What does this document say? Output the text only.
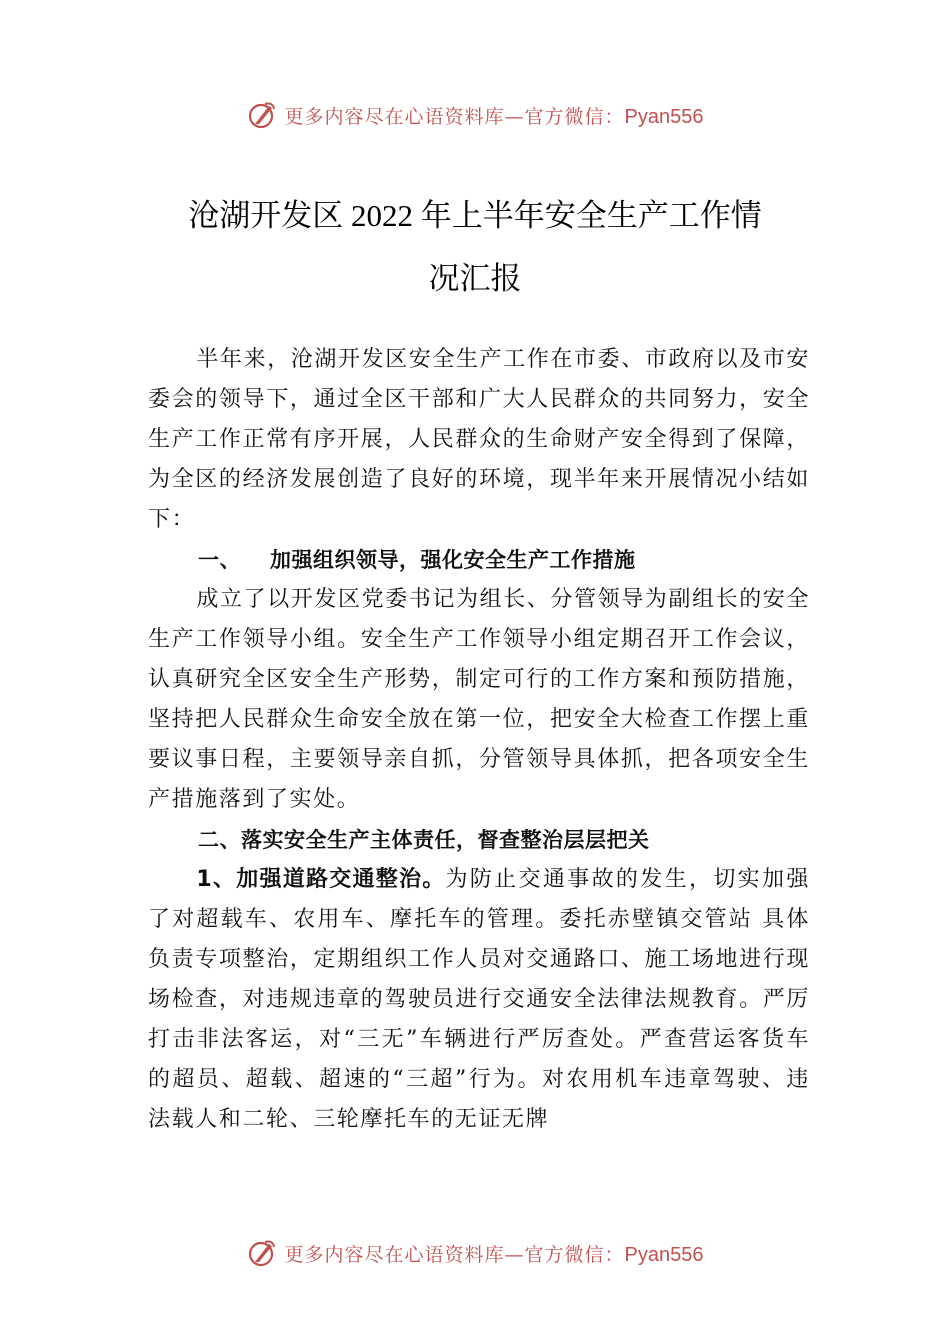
更多内容尽在心语资料库—官方微信：Pyan556
沧湖开发区 2022 年上半年安全生产工作情
况汇报

半年来，沧湖开发区安全生产工作在市委、市政府以及市安委会的领导下，通过全区干部和广大人民群众的共同努力，安全生产工作正常有序开展，人民群众的生命财产安全得到了保障，为全区的经济发展创造了良好的环境，现半年来开展情况小结如下：

一、 加强组织领导，强化安全生产工作措施

成立了以开发区党委书记为组长、分管领导为副组长的安全生产工作领导小组。安全生产工作领导小组定期召开工作会议，认真研究全区安全生产形势，制定可行的工作方案和预防措施，坚持把人民群众生命安全放在第一位，把安全大检查工作摆上重要议事日程，主要领导亲自抓，分管领导具体抓，把各项安全生产措施落到了实处。

二、落实安全生产主体责任，督查整治层层把关

1、加强道路交通整治。为防止交通事故的发生，切实加强了对超载车、农用车、摩托车的管理。委托赤壁镇交管站 具体负责专项整治，定期组织工作人员对交通路口、施工场地进行现场检查，对违规违章的驾驶员进行交通安全法律法规教育。严厉打击非法客运，对“三无”车辆进行严厉查处。严查营运客货车的超员、超载、超速的“三超”行为。对农用机车违章驾驶、违法载人和二轮、三轮摩托车的无证无牌

更多内容尽在心语资料库—官方微信：Pyan556
